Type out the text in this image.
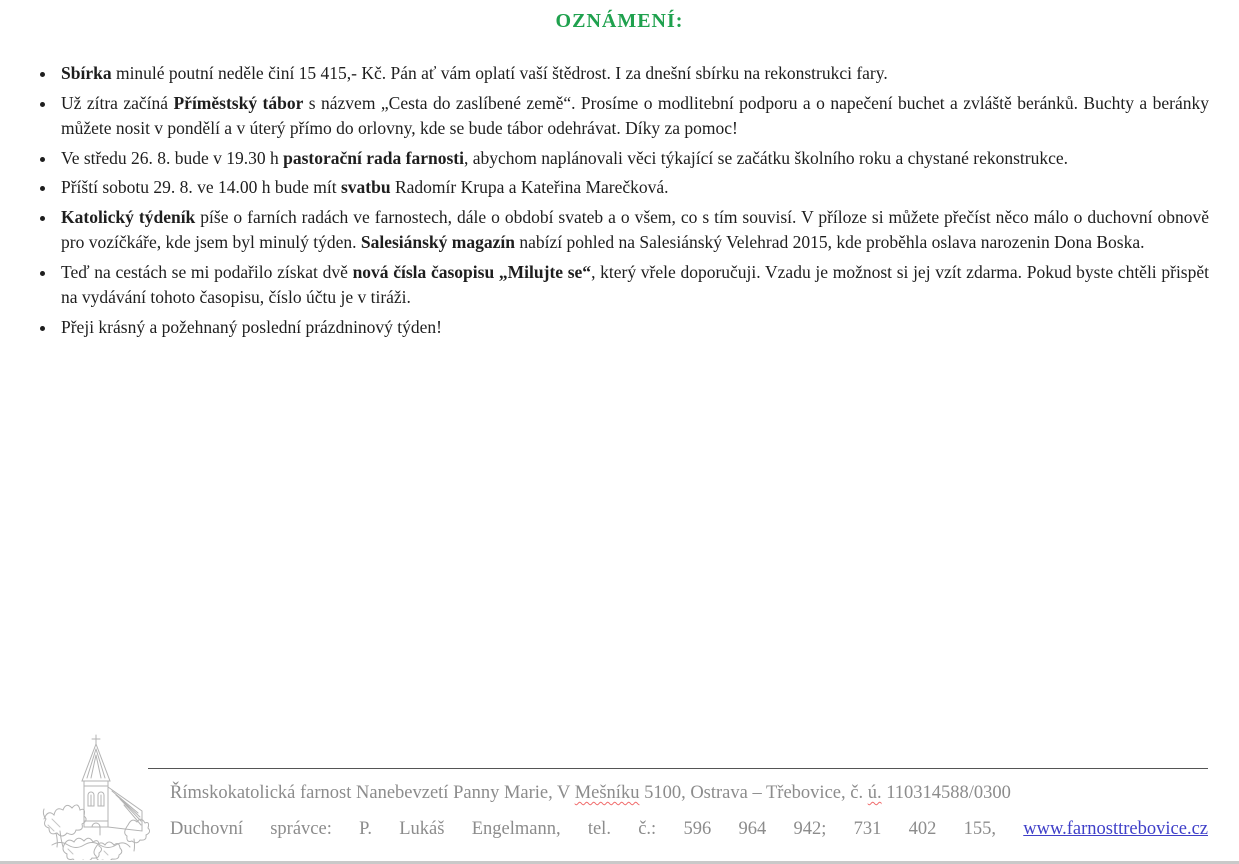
OZNÁMENÍ:
• Sbírka minulé poutní neděle činí 15 415,- Kč. Pán ať vám oplatí vaší štědrost. I za dnešní sbírku na rekonstrukci fary.
• Už zítra začíná Příměstský tábor s názvem „Cesta do zaslíbené země“. Prosíme o modlitební podporu a o napečení buchet a zvláště beránků. Buchty a beránky můžete nosit v pondělí a v úterý přímo do orlovny, kde se bude tábor odehrávat. Díky za pomoc!
• Ve středu 26. 8. bude v 19.30 h pastorační rada farnosti, abychom naplánovali věci týkající se začátku školního roku a chystané rekonstrukce.
• Příští sobotu 29. 8. ve 14.00 h bude mít svatbu Radomír Krupa a Kateřina Marečková.
• Katolický týdeník píše o farních radách ve farnostech, dále o období svateb a o všem, co s tím souvisí. V příloze si můžete přečíst něco málo o duchovní obnově pro vozíčkáře, kde jsem byl minulý týden. Salesiánský magazín nabízí pohled na Salesiánský Velehrad 2015, kde proběhla oslava narozenin Dona Boska.
• Teď na cestách se mi podařilo získat dvě nová čísla časopisu „Milujte se“, který vřele doporučuji. Vzadu je možnost si jej vzít zdarma. Pokud byste chtěli přispět na vydávání tohoto časopisu, číslo účtu je v tiráži.
• Přeji krásný a požehnaný poslední prázdninový týden!

Římskokatolická farnost Nanebevzetí Panny Marie, V Mešníku 5100, Ostrava – Třebovice, č. ú. 110314588/0300

Duchovní správce: P. Lukáš Engelmann, tel. č.: 596 964 942; 731 402 155, www.farnosttrebovice.cz
